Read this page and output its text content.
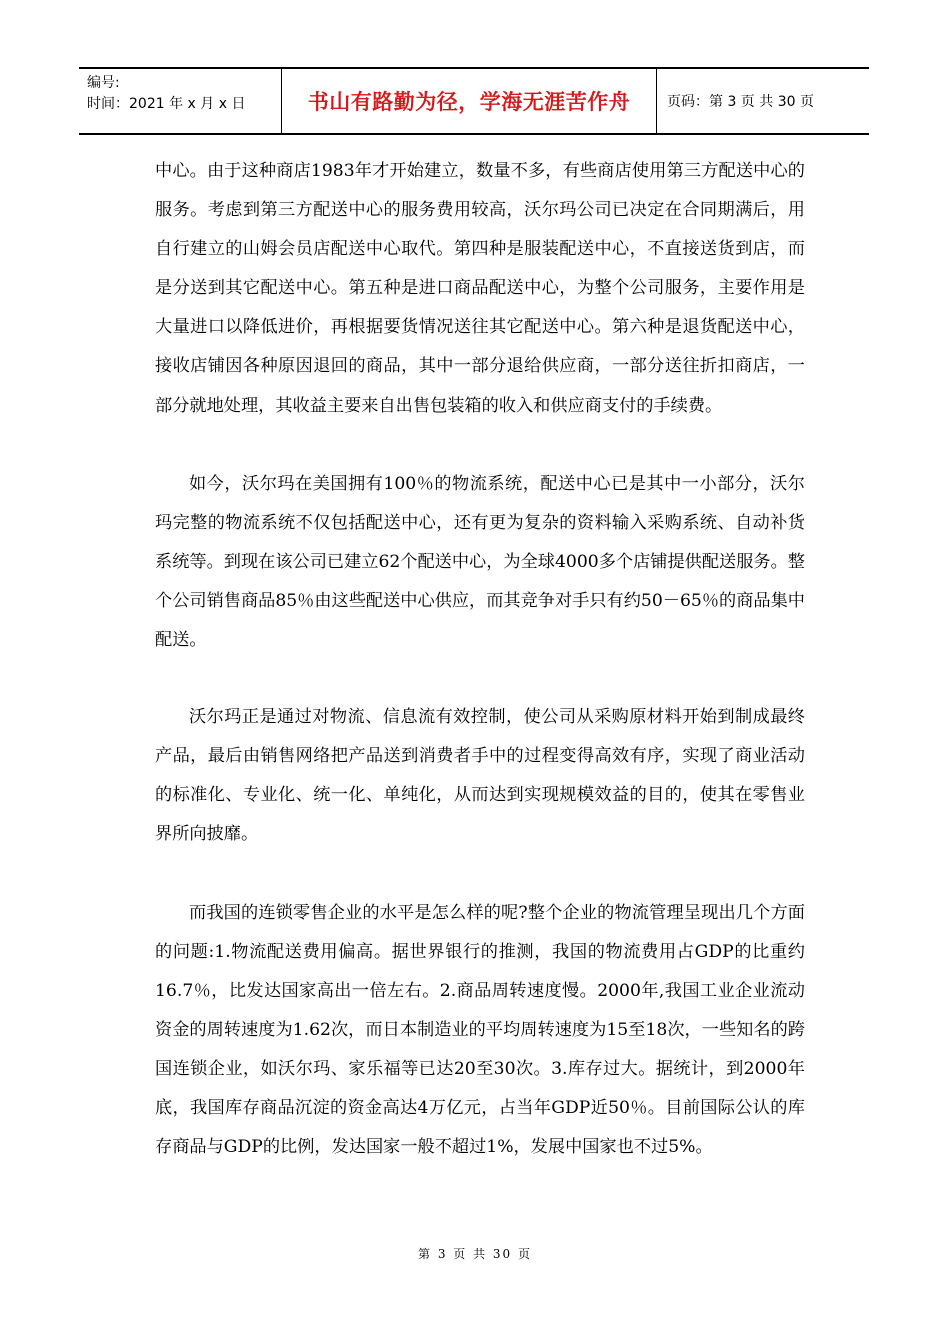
编号:
时间：2021 年 x 月 x 日	书山有路勤为径，学海无涯苦作舟	页码：第 3 页 共 30 页

中心。由于这种商店1983年才开始建立，数量不多，有些商店使用第三方配送中心的服务。考虑到第三方配送中心的服务费用较高，沃尔玛公司已决定在合同期满后，用自行建立的山姆会员店配送中心取代。第四种是服装配送中心，不直接送货到店，而是分送到其它配送中心。第五种是进口商品配送中心，为整个公司服务，主要作用是大量进口以降低进价，再根据要货情况送往其它配送中心。第六种是退货配送中心，接收店铺因各种原因退回的商品，其中一部分退给供应商，一部分送往折扣商店，一部分就地处理，其收益主要来自出售包装箱的收入和供应商支付的手续费。

如今，沃尔玛在美国拥有100％的物流系统，配送中心已是其中一小部分，沃尔玛完整的物流系统不仅包括配送中心，还有更为复杂的资料输入采购系统、自动补货系统等。到现在该公司已建立62个配送中心，为全球4000多个店铺提供配送服务。整个公司销售商品85％由这些配送中心供应，而其竞争对手只有约50－65％的商品集中配送。

沃尔玛正是通过对物流、信息流有效控制，使公司从采购原材料开始到制成最终产品，最后由销售网络把产品送到消费者手中的过程变得高效有序，实现了商业活动的标准化、专业化、统一化、单纯化，从而达到实现规模效益的目的，使其在零售业界所向披靡。

而我国的连锁零售企业的水平是怎么样的呢?整个企业的物流管理呈现出几个方面的问题:1.物流配送费用偏高。据世界银行的推测，我国的物流费用占GDP的比重约16.7％，比发达国家高出一倍左右。2.商品周转速度慢。2000年,我国工业企业流动资金的周转速度为1.62次，而日本制造业的平均周转速度为15至18次，一些知名的跨国连锁企业，如沃尔玛、家乐福等已达20至30次。3.库存过大。据统计，到2000年底，我国库存商品沉淀的资金高达4万亿元，占当年GDP近50％。目前国际公认的库存商品与GDP的比例，发达国家一般不超过1%，发展中国家也不过5%。

第 3 页 共 30 页
